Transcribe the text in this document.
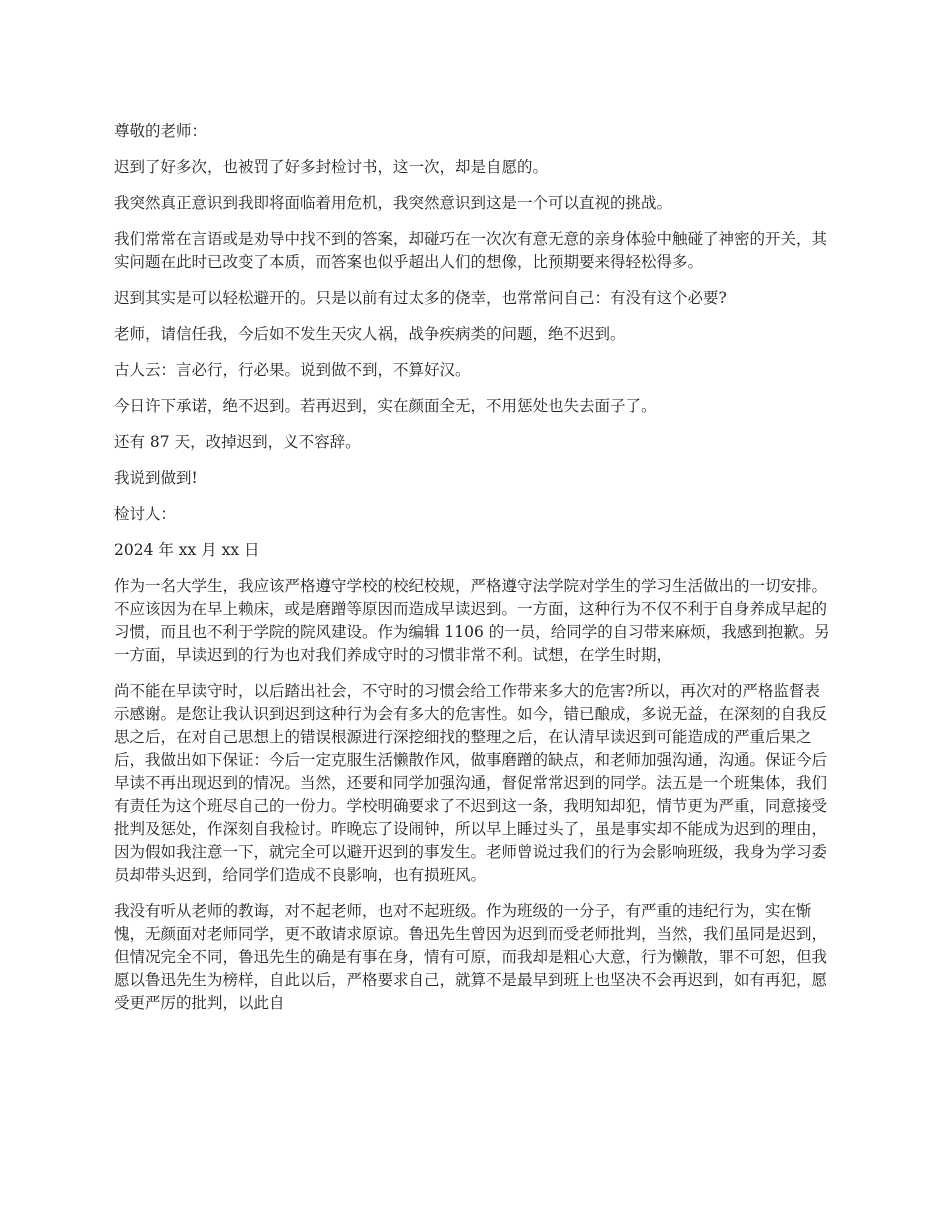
尊敬的老师：

迟到了好多次，也被罚了好多封检讨书，这一次，却是自愿的。

我突然真正意识到我即将面临着用危机，我突然意识到这是一个可以直视的挑战。

我们常常在言语或是劝导中找不到的答案，却碰巧在一次次有意无意的亲身体验中触碰了神密的开关，其实问题在此时已改变了本质，而答案也似乎超出人们的想像，比预期要来得轻松得多。

迟到其实是可以轻松避开的。只是以前有过太多的侥幸，也常常问自己：有没有这个必要?

老师，请信任我，今后如不发生天灾人祸，战争疾病类的问题，绝不迟到。

古人云：言必行，行必果。说到做不到，不算好汉。

今日许下承诺，绝不迟到。若再迟到，实在颜面全无，不用惩处也失去面子了。

还有 87 天，改掉迟到，义不容辞。

我说到做到!

检讨人：

2024 年 xx 月 xx 日

作为一名大学生，我应该严格遵守学校的校纪校规，严格遵守法学院对学生的学习生活做出的一切安排。不应该因为在早上赖床，或是磨蹭等原因而造成早读迟到。一方面，这种行为不仅不利于自身养成早起的习惯，而且也不利于学院的院风建设。作为编辑 1106 的一员，给同学的自习带来麻烦，我感到抱歉。另一方面，早读迟到的行为也对我们养成守时的习惯非常不利。试想，在学生时期，

尚不能在早读守时，以后踏出社会，不守时的习惯会给工作带来多大的危害?所以，再次对的严格监督表示感谢。是您让我认识到迟到这种行为会有多大的危害性。如今，错已酿成，多说无益，在深刻的自我反思之后，在对自己思想上的错误根源进行深挖细找的整理之后，在认清早读迟到可能造成的严重后果之后，我做出如下保证：今后一定克服生活懒散作风，做事磨蹭的缺点，和老师加强沟通，沟通。保证今后早读不再出现迟到的情况。当然，还要和同学加强沟通，督促常常迟到的同学。法五是一个班集体，我们有责任为这个班尽自己的一份力。学校明确要求了不迟到这一条，我明知却犯，情节更为严重，同意接受批判及惩处，作深刻自我检讨。昨晚忘了设闹钟，所以早上睡过头了，虽是事实却不能成为迟到的理由，因为假如我注意一下，就完全可以避开迟到的事发生。老师曾说过我们的行为会影响班级，我身为学习委员却带头迟到，给同学们造成不良影响，也有损班风。

我没有听从老师的教诲，对不起老师，也对不起班级。作为班级的一分子，有严重的违纪行为，实在惭愧，无颜面对老师同学，更不敢请求原谅。鲁迅先生曾因为迟到而受老师批判，当然，我们虽同是迟到，但情况完全不同，鲁迅先生的确是有事在身，情有可原，而我却是粗心大意，行为懒散，罪不可恕，但我愿以鲁迅先生为榜样，自此以后，严格要求自己，就算不是最早到班上也坚决不会再迟到，如有再犯，愿受更严厉的批判，以此自
